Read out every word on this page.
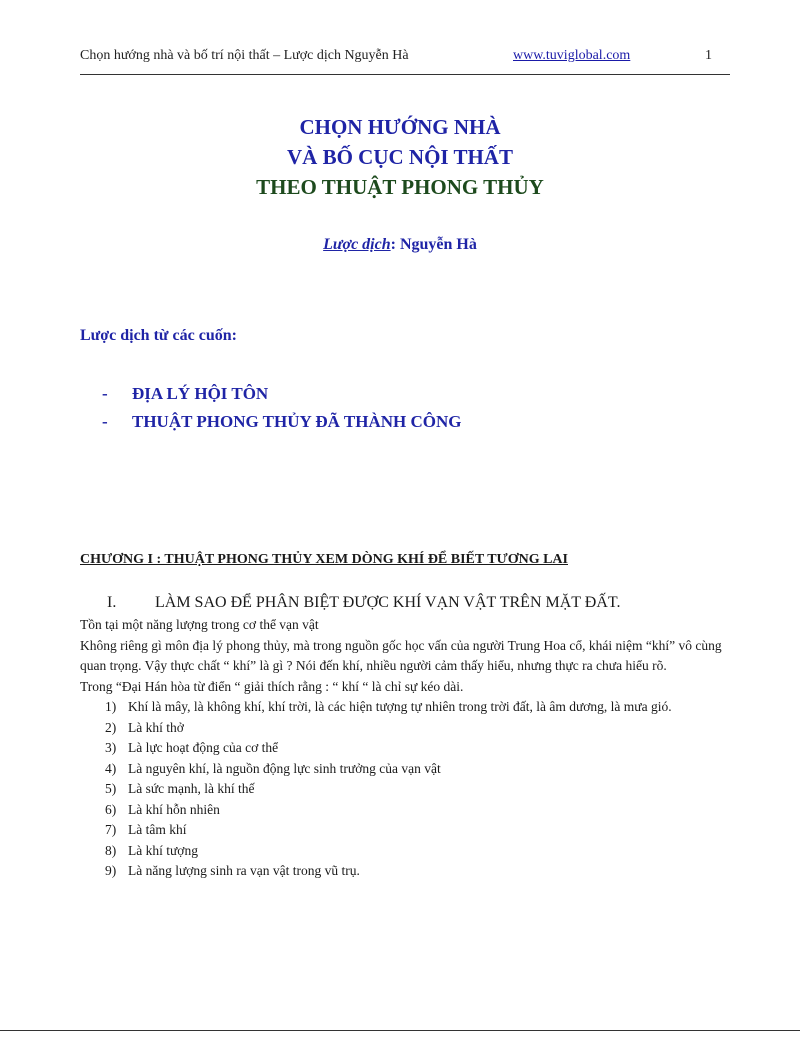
Chọn hướng nhà và bố trí nội thất – Lược dịch Nguyễn Hà	www.tuviglobal.com	1
CHỌN HƯỚNG NHÀ
VÀ BỐ CỤC NỘI THẤT
THEO THUẬT PHONG THỦY
Lược dịch: Nguyễn Hà
Lược dịch từ các cuốn:
- ĐỊA LÝ HỘI TÔN
- THUẬT PHONG THỦY ĐÃ THÀNH CÔNG
CHƯƠNG I : THUẬT PHONG THỦY XEM DÒNG KHÍ ĐỂ BIẾT TƯƠNG LAI
I. LÀM SAO ĐỂ PHÂN BIỆT ĐƯỢC KHÍ VẠN VẬT TRÊN MẶT ĐẤT.

Tồn tại một năng lượng trong cơ thể vạn vật

Không riêng gì môn địa lý phong thủy, mà trong nguồn gốc học vấn của người Trung Hoa cổ, khái niệm “khí” vô cùng quan trọng. Vậy thực chất “ khí” là gì ? Nói đến khí, nhiều người cảm thấy hiểu, nhưng thực ra chưa hiểu rõ.

Trong “Đại Hán hòa từ điển “ giải thích rằng : “ khí “ là chỉ sự kéo dài.

1) Khí là mây, là không khí, khí trời, là các hiện tượng tự nhiên trong trời đất, là âm dương, là mưa gió.
2) Là khí thở
3) Là lực hoạt động của cơ thể
4) Là nguyên khí, là nguồn động lực sinh trưởng của vạn vật
5) Là sức mạnh, là khí thế
6) Là khí hỗn nhiên
7) Là tâm khí
8) Là khí tượng
9) Là năng lượng sinh ra vạn vật trong vũ trụ.
